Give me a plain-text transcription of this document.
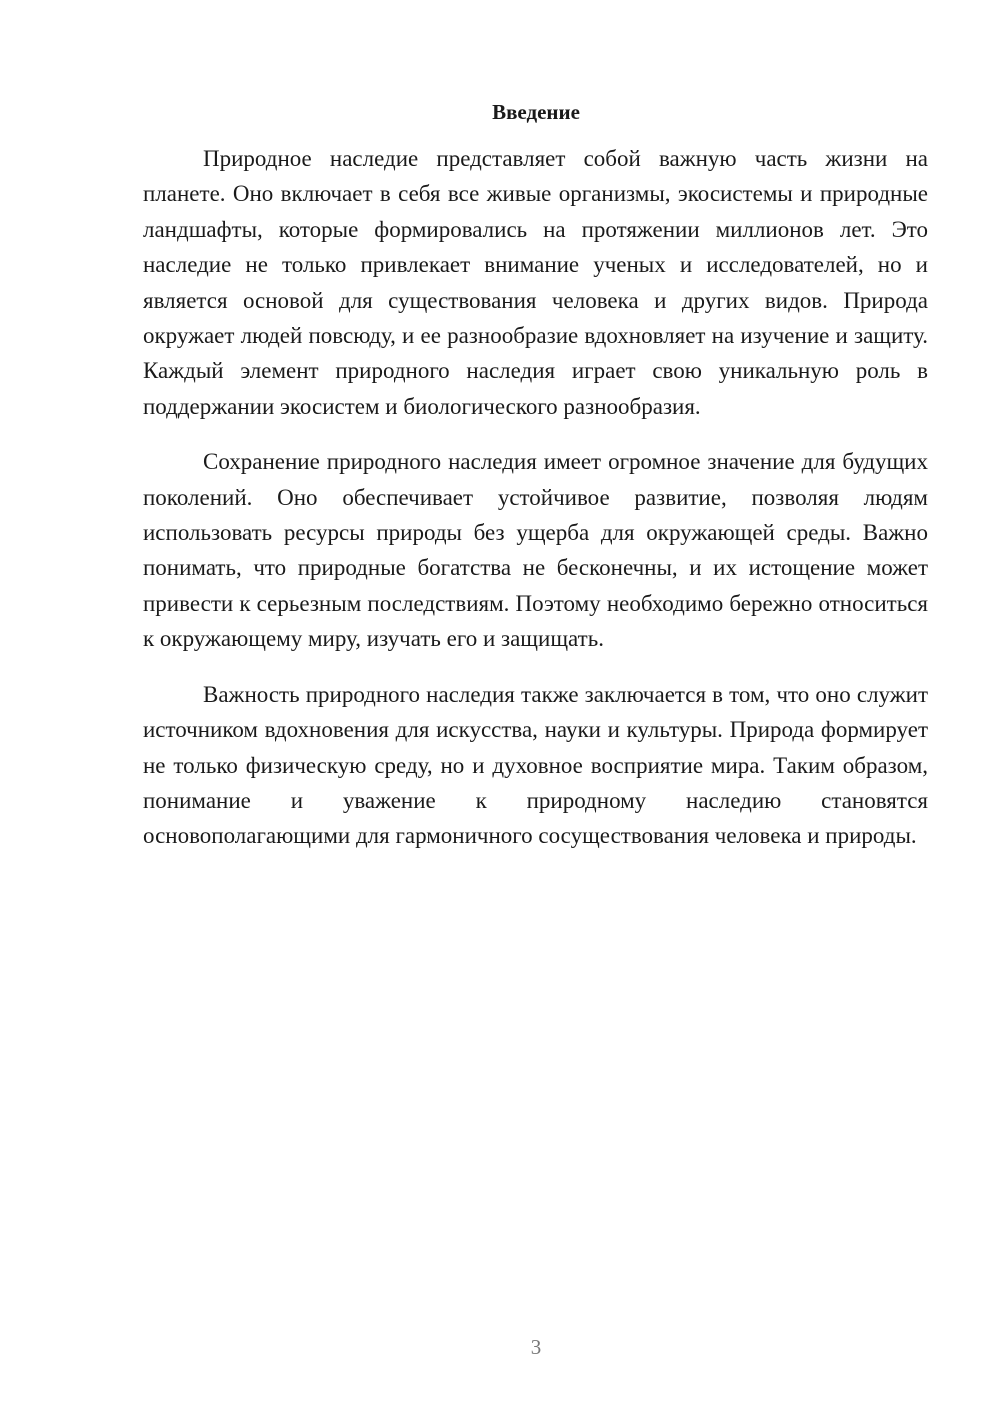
Введение

Природное наследие представляет собой важную часть жизни на планете. Оно включает в себя все живые организмы, экосистемы и природные ландшафты, которые формировались на протяжении миллионов лет. Это наследие не только привлекает внимание ученых и исследователей, но и является основой для существования человека и других видов. Природа окружает людей повсюду, и ее разнообразие вдохновляет на изучение и защиту. Каждый элемент природного наследия играет свою уникальную роль в поддержании экосистем и биологического разнообразия.

Сохранение природного наследия имеет огромное значение для будущих поколений. Оно обеспечивает устойчивое развитие, позволяя людям использовать ресурсы природы без ущерба для окружающей среды. Важно понимать, что природные богатства не бесконечны, и их истощение может привести к серьезным последствиям. Поэтому необходимо бережно относиться к окружающему миру, изучать его и защищать.

Важность природного наследия также заключается в том, что оно служит источником вдохновения для искусства, науки и культуры. Природа формирует не только физическую среду, но и духовное восприятие мира. Таким образом, понимание и уважение к природному наследию становятся основополагающими для гармоничного сосуществования человека и природы.

3
